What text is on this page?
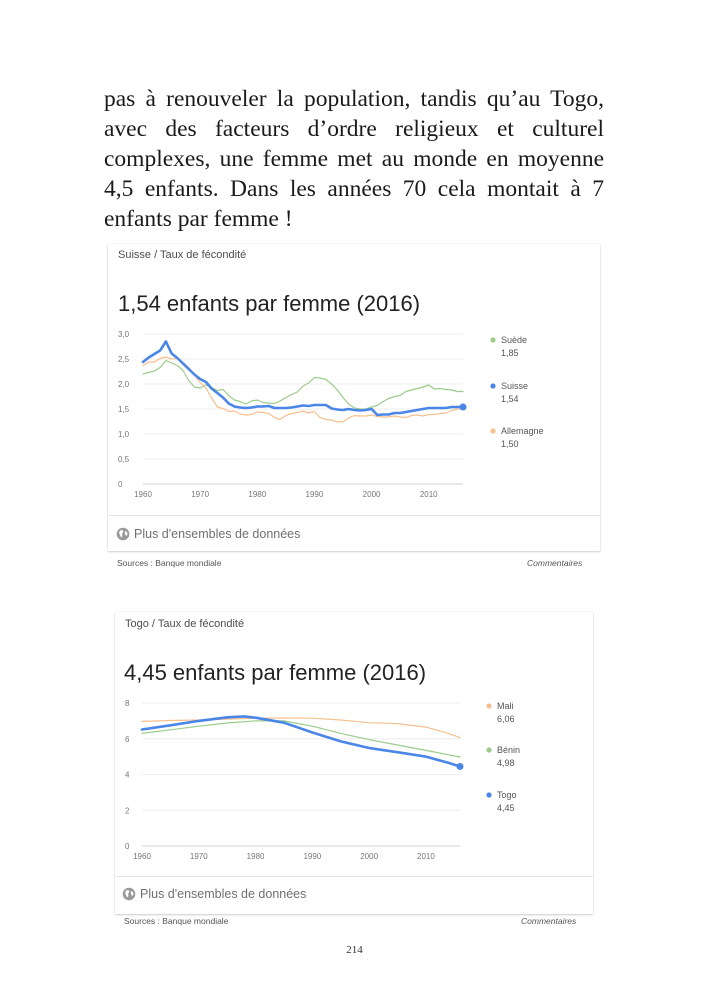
pas à renouveler la population, tandis qu’au Togo,
avec des facteurs d’ordre religieux et culturel
complexes, une femme met au monde en moyenne
4,5 enfants. Dans les années 70 cela montait à 7
enfants par femme !

Suisse / Taux de fécondité
1,54 enfants par femme (2016)
0
0,5
1,0
1,5
2,0
2,5
3,0
1960	1970	1980	1990	2000	2010
Suède
1,85
Suisse
1,54
Allemagne
1,50
Plus d'ensembles de données
Sources : Banque mondiale	Commentaires
Togo / Taux de fécondité
4,45 enfants par femme (2016)
0
2
4
6
8
1960	1970	1980	1990	2000	2010
Mali
6,06
Bénin
4,98
Togo
4,45
Plus d'ensembles de données
Sources : Banque mondiale	Commentaires
214
